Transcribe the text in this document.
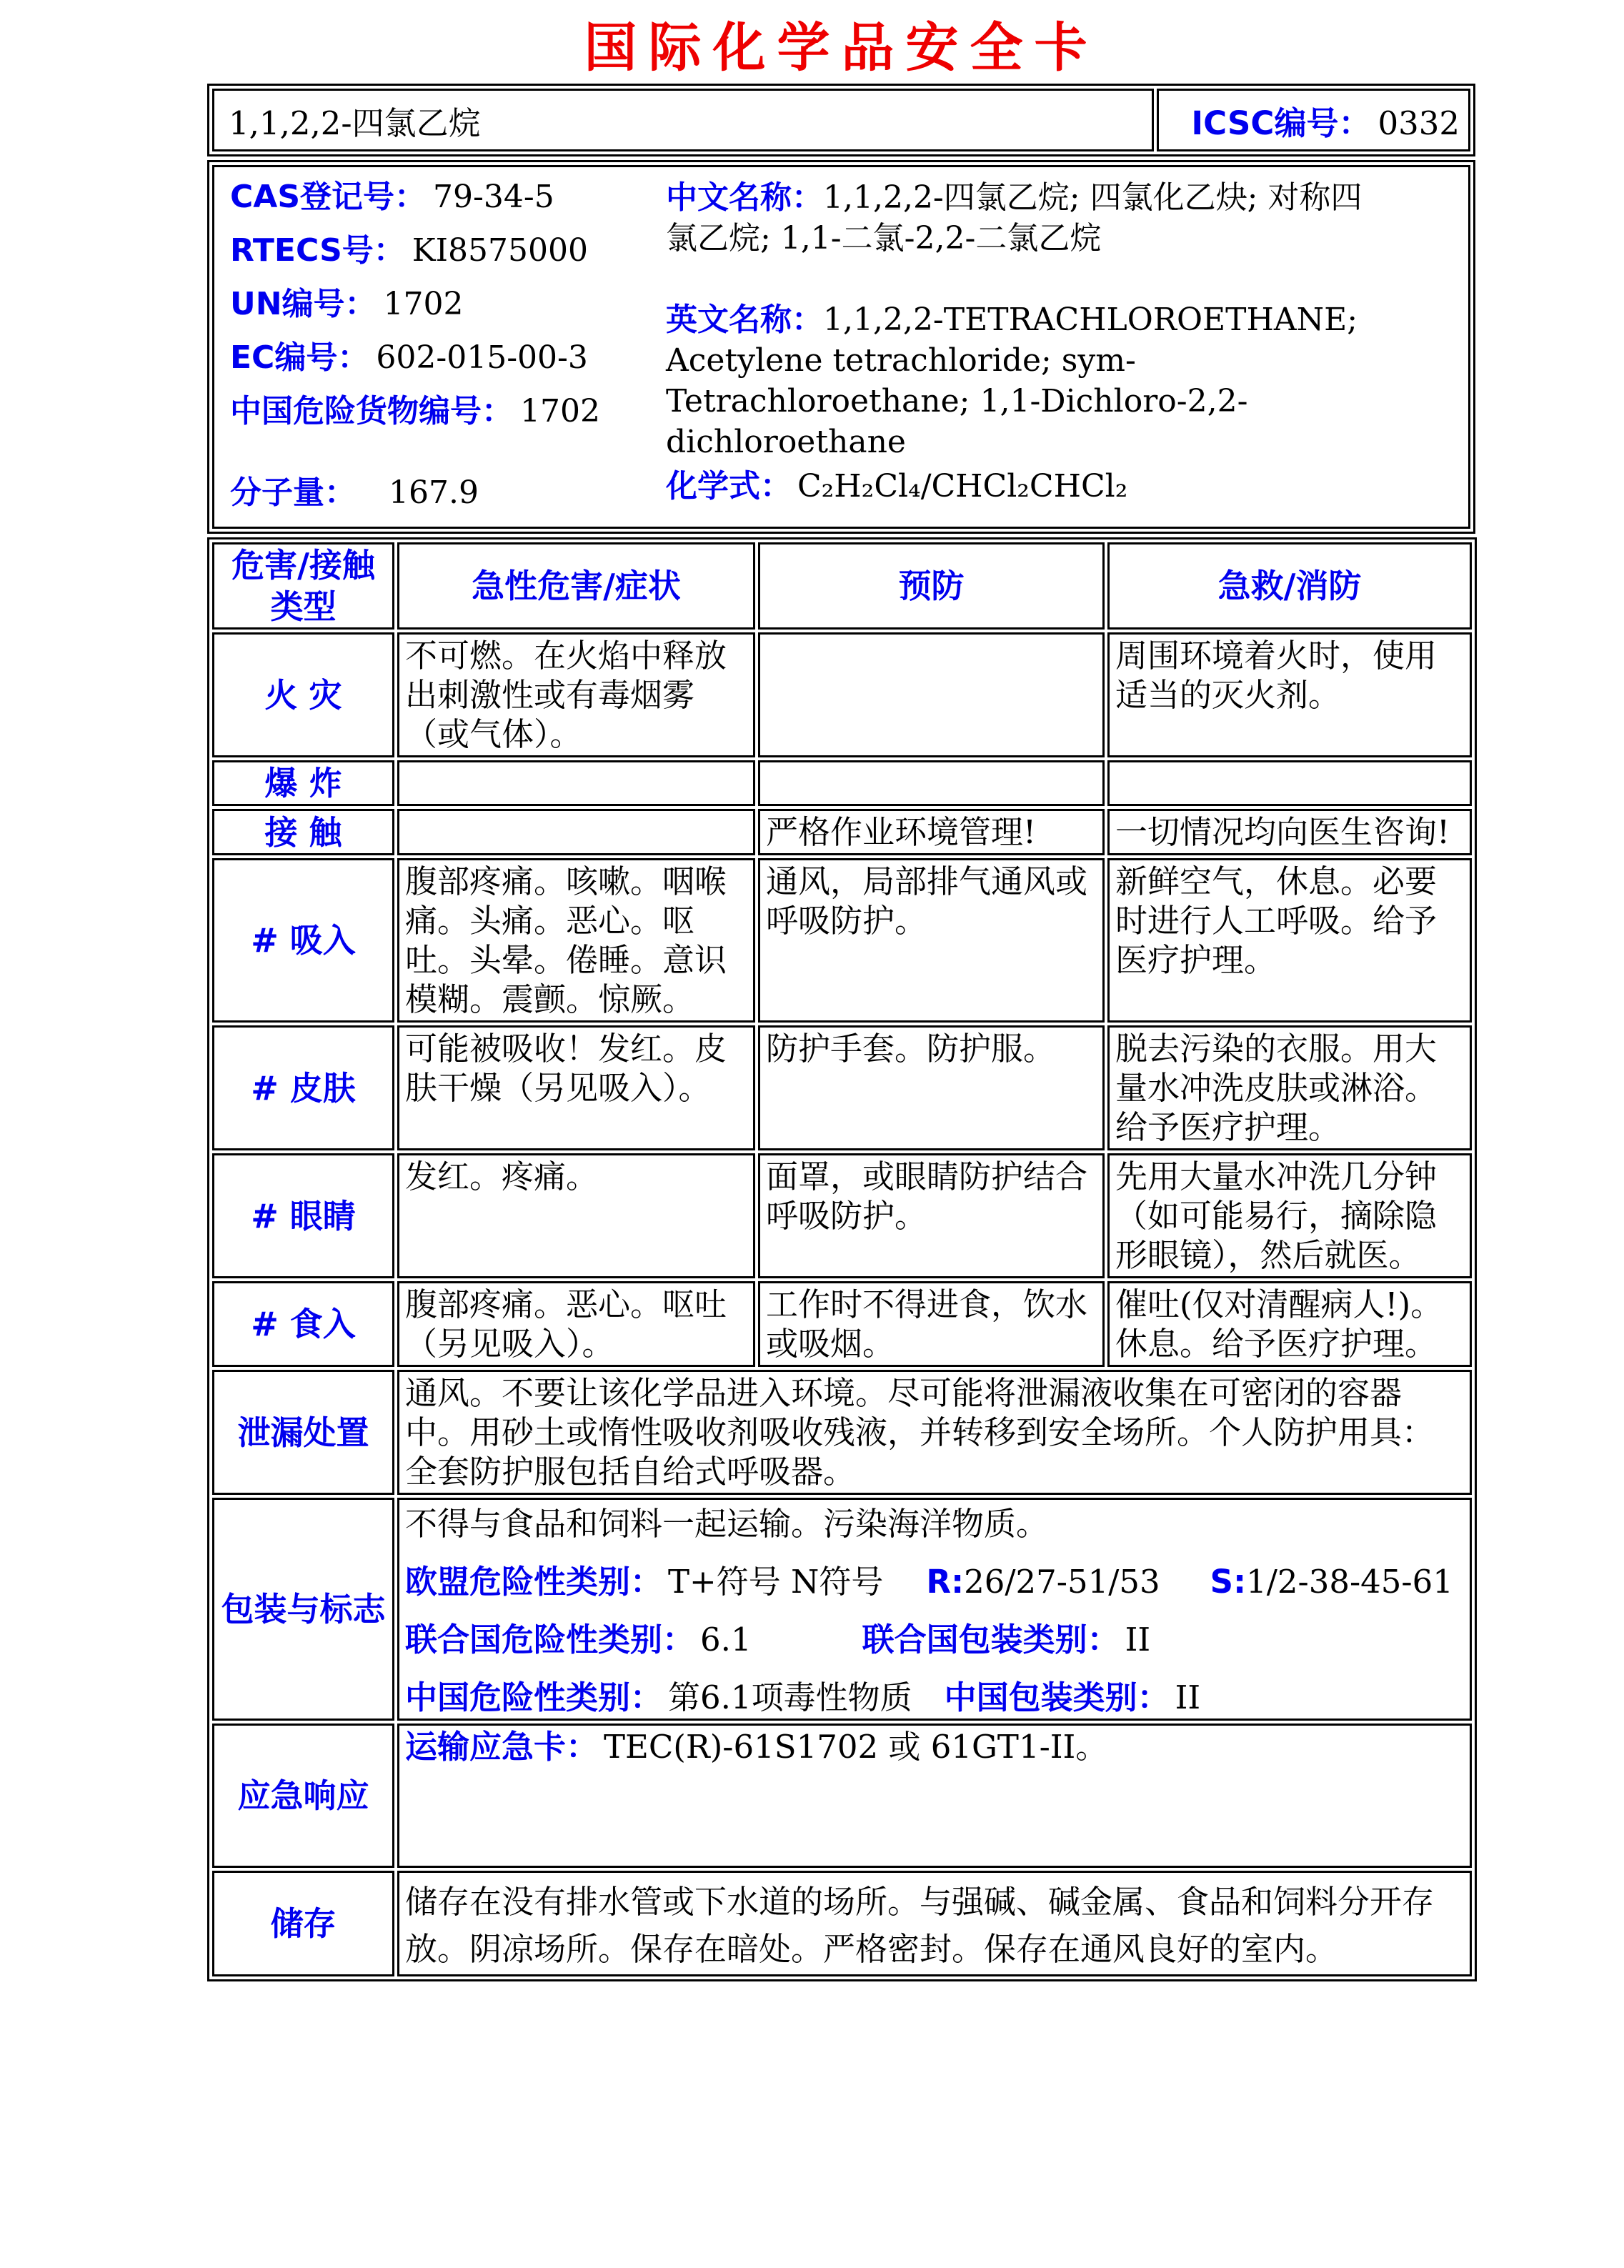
国际化学品安全卡
1,1,2,2-四氯乙烷	ICSC编号： 0332
CAS登记号： 79-34-5
RTECS号： KI8575000
UN编号： 1702
EC编号： 602-015-00-3
中国危险货物编号： 1702
分子量： 167.9
中文名称：1,1,2,2-四氯乙烷; 四氯化乙炔; 对称四氯乙烷; 1,1-二氯-2,2-二氯乙烷
英文名称：1,1,2,2-TETRACHLOROETHANE; Acetylene tetrachloride; sym-Tetrachloroethane; 1,1-Dichloro-2,2-dichloroethane
化学式： C₂H₂Cl₄/CHCl₂CHCl₂
危害/接触类型	急性危害/症状	预防	急救/消防
火 灾	不可燃。在火焰中释放出刺激性或有毒烟雾（或气体）。		周围环境着火时，使用适当的灭火剂。
爆 炸			
接 触		严格作业环境管理!	一切情况均向医生咨询!
# 吸入	腹部疼痛。咳嗽。咽喉痛。头痛。恶心。呕吐。头晕。倦睡。意识模糊。震颤。惊厥。	通风，局部排气通风或呼吸防护。	新鲜空气，休息。必要时进行人工呼吸。给予医疗护理。
# 皮肤	可能被吸收！发红。皮肤干燥（另见吸入）。	防护手套。防护服。	脱去污染的衣服。用大量水冲洗皮肤或淋浴。给予医疗护理。
# 眼睛	发红。疼痛。	面罩，或眼睛防护结合呼吸防护。	先用大量水冲洗几分钟（如可能易行，摘除隐形眼镜），然后就医。
# 食入	腹部疼痛。恶心。呕吐（另见吸入）。	工作时不得进食，饮水或吸烟。	催吐(仅对清醒病人!)。休息。给予医疗护理。
泄漏处置	通风。不要让该化学品进入环境。尽可能将泄漏液收集在可密闭的容器中。用砂土或惰性吸收剂吸收残液，并转移到安全场所。个人防护用具：全套防护服包括自给式呼吸器。		
包装与标志	不得与食品和饲料一起运输。污染海洋物质。

欧盟危险性类别： T+符号 N符号 R:26/27-51/53 S:1/2-38-45-61

联合国危险性类别： 6.1 联合国包装类别： II

中国危险性类别： 第6.1项毒性物质 中国包装类别： II		

应急响应	运输应急卡： TEC(R)-61S1702 或 61GT1-II。		
储存	储存在没有排水管或下水道的场所。与强碱、碱金属、食品和饲料分开存放。阴凉场所。保存在暗处。严格密封。保存在通风良好的室内。		
